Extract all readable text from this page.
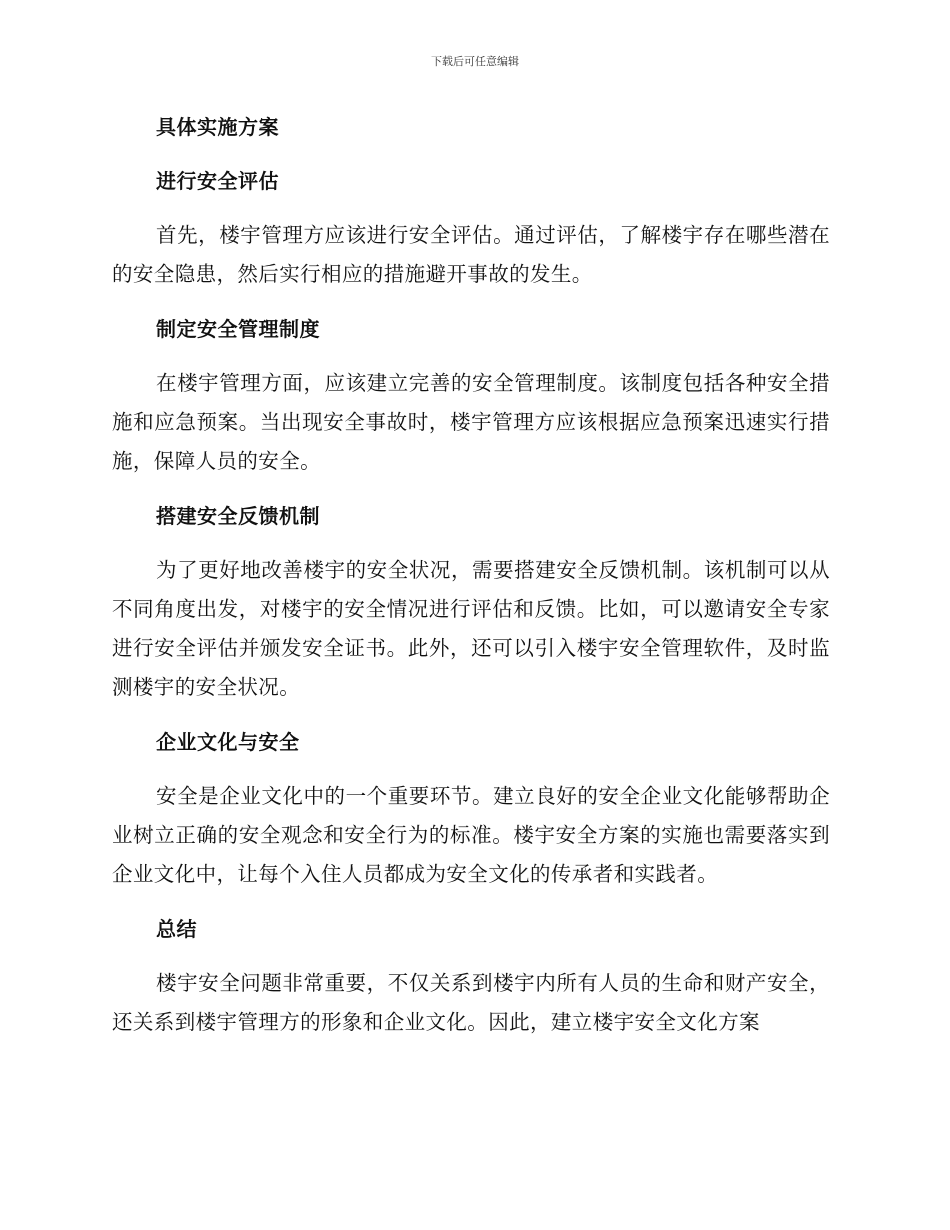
下载后可任意编辑

具体实施方案

进行安全评估

首先，楼宇管理方应该进行安全评估。通过评估，了解楼宇存在哪些潜在的安全隐患，然后实行相应的措施避开事故的发生。

制定安全管理制度

在楼宇管理方面，应该建立完善的安全管理制度。该制度包括各种安全措施和应急预案。当出现安全事故时，楼宇管理方应该根据应急预案迅速实行措施，保障人员的安全。

搭建安全反馈机制

为了更好地改善楼宇的安全状况，需要搭建安全反馈机制。该机制可以从不同角度出发，对楼宇的安全情况进行评估和反馈。比如，可以邀请安全专家进行安全评估并颁发安全证书。此外，还可以引入楼宇安全管理软件，及时监测楼宇的安全状况。

企业文化与安全

安全是企业文化中的一个重要环节。建立良好的安全企业文化能够帮助企业树立正确的安全观念和安全行为的标准。楼宇安全方案的实施也需要落实到企业文化中，让每个入住人员都成为安全文化的传承者和实践者。

总结

楼宇安全问题非常重要，不仅关系到楼宇内所有人员的生命和财产安全，还关系到楼宇管理方的形象和企业文化。因此，建立楼宇安全文化方案
